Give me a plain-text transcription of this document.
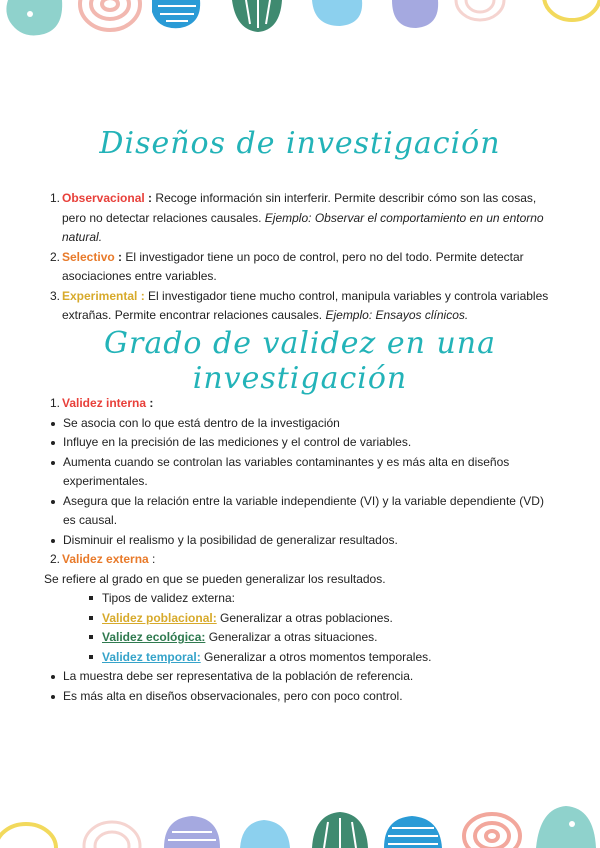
Diseños de investigación
1. Observacional : Recoge información sin interferir. Permite describir cómo son las cosas, pero no detectar relaciones causales. Ejemplo: Observar el comportamiento en un entorno natural.
2. Selectivo : El investigador tiene un poco de control, pero no del todo. Permite detectar asociaciones entre variables.
3. Experimental : El investigador tiene mucho control, manipula variables y controla variables extrañas. Permite encontrar relaciones causales. Ejemplo: Ensayos clínicos.
Grado de validez en una investigación
1. Validez interna :
Se asocia con lo que está dentro de la investigación
Influye en la precisión de las mediciones y el control de variables.
Aumenta cuando se controlan las variables contaminantes y es más alta en diseños experimentales.
Asegura que la relación entre la variable independiente (VI) y la variable dependiente (VD) es causal.
Disminuir el realismo y la posibilidad de generalizar resultados.
2. Validez externa :
Se refiere al grado en que se pueden generalizar los resultados.
Tipos de validez externa:
Validez poblacional: Generalizar a otras poblaciones.
Validez ecológica: Generalizar a otras situaciones.
Validez temporal: Generalizar a otros momentos temporales.
La muestra debe ser representativa de la población de referencia.
Es más alta en diseños observacionales, pero con poco control.
